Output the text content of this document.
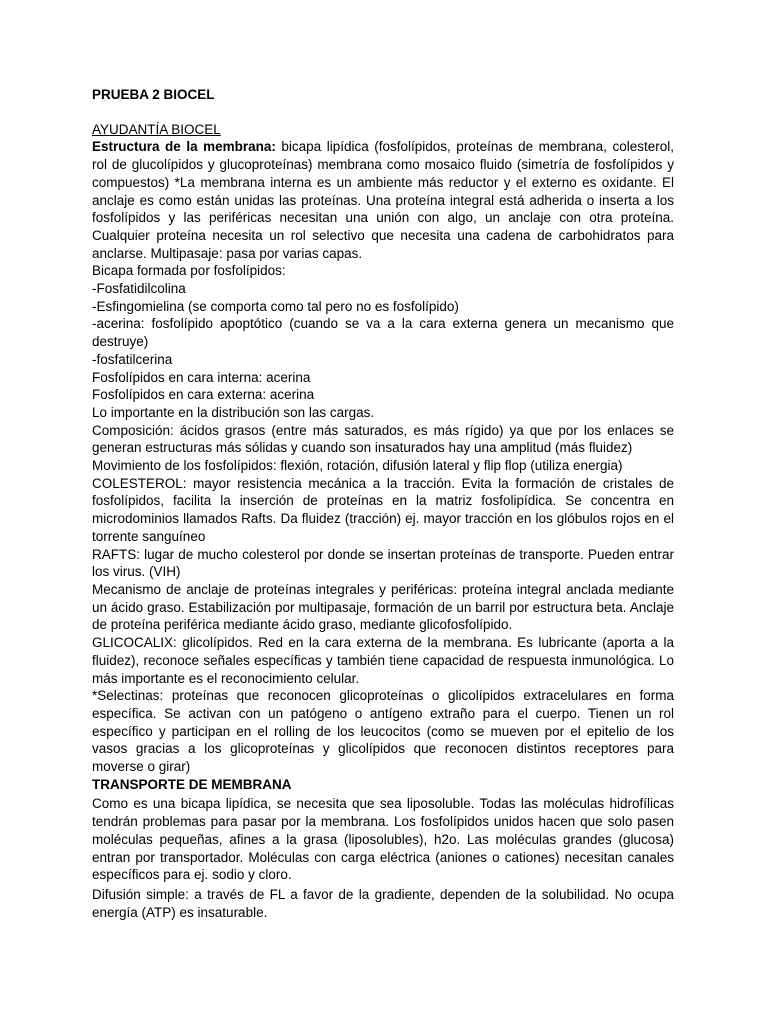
PRUEBA 2 BIOCEL

AYUDANTÍA BIOCEL

Estructura de la membrana: bicapa lipídica (fosfolípidos, proteínas de membrana, colesterol, rol de glucolípidos y glucoproteínas) membrana como mosaico fluido (simetría de fosfolípidos y compuestos) *La membrana interna es un ambiente más reductor y el externo es oxidante. El anclaje es como están unidas las proteínas. Una proteína integral está adherida o inserta a los fosfolípidos y las periféricas necesitan una unión con algo, un anclaje con otra proteína. Cualquier proteína necesita un rol selectivo que necesita una cadena de carbohidratos para anclarse. Multipasaje: pasa por varias capas.

Bicapa formada por fosfolípidos:

-Fosfatidilcolina

-Esfingomielina (se comporta como tal pero no es fosfolípido)

-acerina: fosfolípido apoptótico (cuando se va a la cara externa genera un mecanismo que destruye)

-fosfatilcerina

Fosfolípidos en cara interna: acerina

Fosfolípidos en cara externa: acerina

Lo importante en la distribución son las cargas.

Composición: ácidos grasos (entre más saturados, es más rígido) ya que por los enlaces se generan estructuras más sólidas y cuando son insaturados hay una amplitud (más fluidez)

Movimiento de los fosfolípidos: flexión, rotación, difusión lateral y flip flop (utiliza energia)

COLESTEROL: mayor resistencia mecánica a la tracción. Evita la formación de cristales de fosfolípidos, facilita la inserción de proteínas en la matriz fosfolipídica. Se concentra en microdominios llamados Rafts. Da fluidez (tracción) ej. mayor tracción en los glóbulos rojos en el torrente sanguíneo

RAFTS: lugar de mucho colesterol por donde se insertan proteínas de transporte. Pueden entrar los virus. (VIH)

Mecanismo de anclaje de proteínas integrales y periféricas: proteína integral anclada mediante un ácido graso. Estabilización por multipasaje, formación de un barril por estructura beta. Anclaje de proteína periférica mediante ácido graso, mediante glicofosfolípido.

GLICOCALIX: glicolípidos. Red en la cara externa de la membrana. Es lubricante (aporta a la fluidez), reconoce señales específicas y también tiene capacidad de respuesta inmunológica. Lo más importante es el reconocimiento celular.

*Selectinas: proteínas que reconocen glicoproteínas o glicolípidos extracelulares en forma específica. Se activan con un patógeno o antígeno extraño para el cuerpo. Tienen un rol específico y participan en el rolling de los leucocitos (como se mueven por el epitelio de los vasos gracias a los glicoproteínas y glicolípidos que reconocen distintos receptores para moverse o girar)

TRANSPORTE DE MEMBRANA

Como es una bicapa lipídica, se necesita que sea liposoluble. Todas las moléculas hidrofílicas tendrán problemas para pasar por la membrana. Los fosfolípidos unidos hacen que solo pasen moléculas pequeñas, afines a la grasa (liposolubles), h2o. Las moléculas grandes (glucosa) entran por transportador. Moléculas con carga eléctrica (aniones o cationes) necesitan canales específicos para ej. sodio y cloro.

Difusión simple: a través de FL a favor de la gradiente, dependen de la solubilidad. No ocupa energía (ATP) es insaturable.
